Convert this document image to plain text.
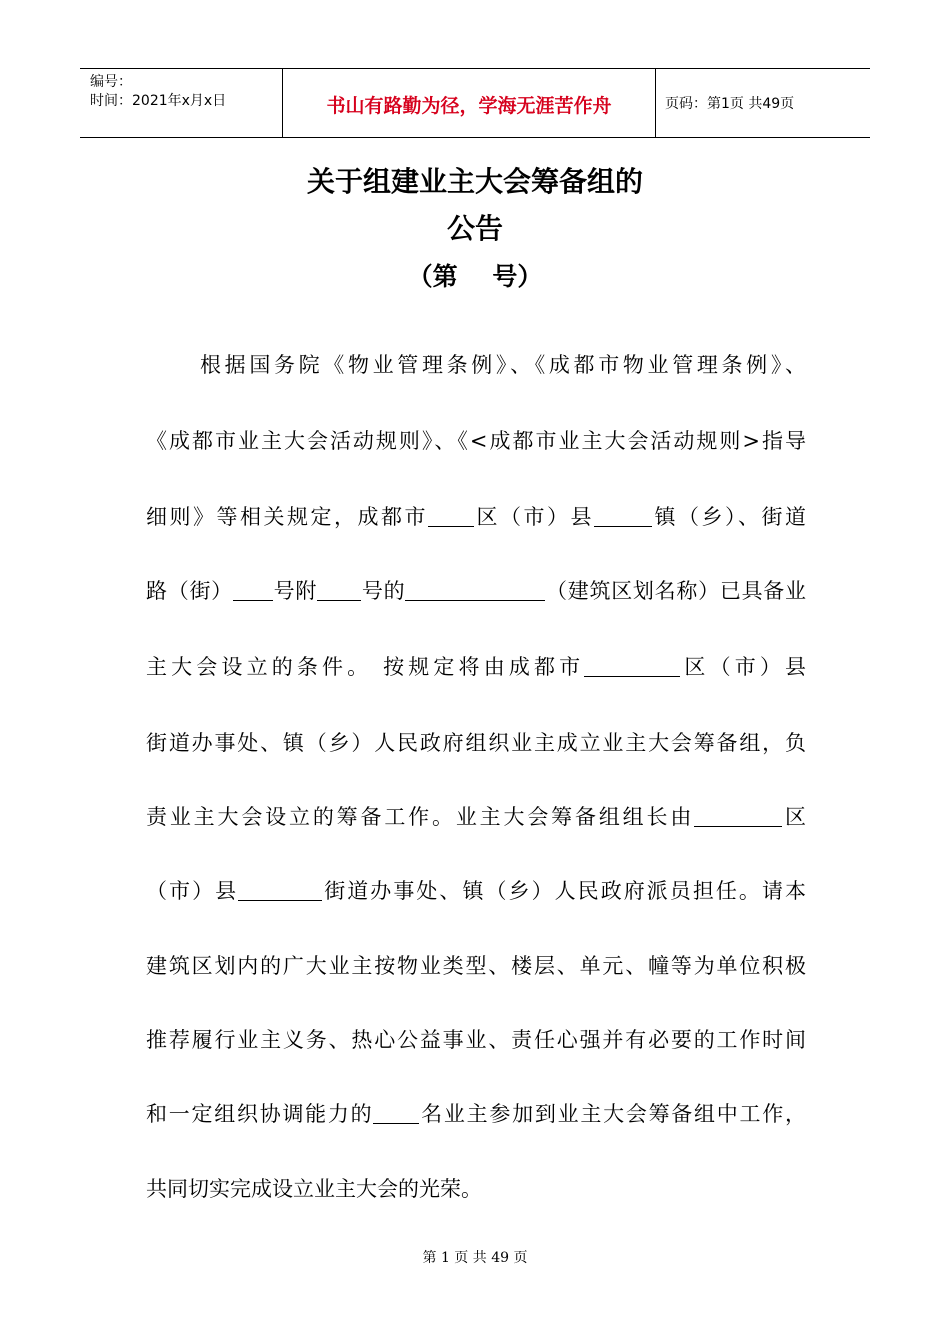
编号：
时间：2021年x月x日	书山有路勤为径，学海无涯苦作舟	页码：第1页 共49页
关于组建业主大会筹备组的
公告
（第    号）
根据国务院《物业管理条例》、《成都市物业管理条例》、
《成都市业主大会活动规则》、《<成都市业主大会活动规则>指导
细则》等相关规定，成都市 区（市）县	镇（乡）、街道
路（街） 号附 号的	（建筑区划名称）已具备业
主大会设立的条件。 按规定将由成都市	区（市）县
街道办事处、镇（乡）人民政府组织业主成立业主大会筹备组，负
责业主大会设立的筹备工作。业主大会筹备组组长由	区
（市）县	街道办事处、镇（乡）人民政府派员担任。请本
建筑区划内的广大业主按物业类型、楼层、单元、幢等为单位积极
推荐履行业主义务、热心公益事业、责任心强并有必要的工作时间
和一定组织协调能力的 名业主参加到业主大会筹备组中工作，
共同切实完成设立业主大会的光荣。
第 1 页 共 49 页
